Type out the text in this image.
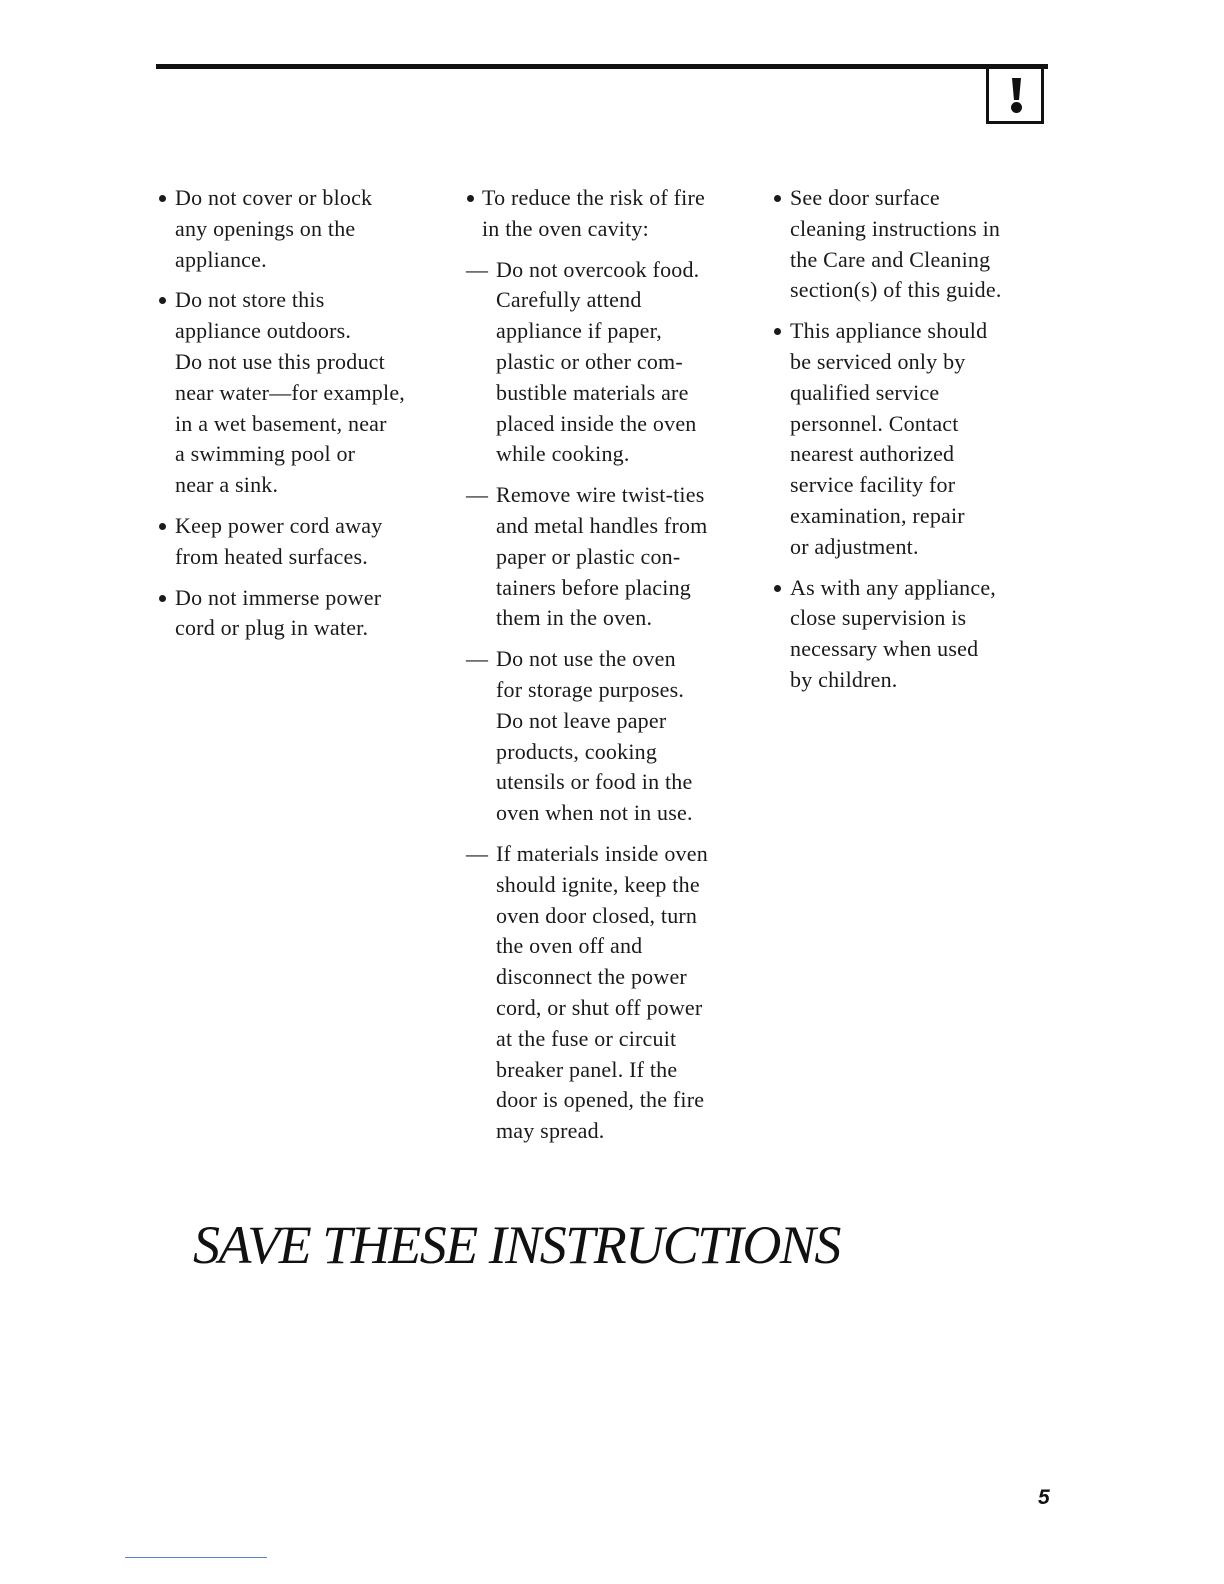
Do not cover or block
any openings on the
appliance.
Do not store this
appliance outdoors.
Do not use this product
near water—for example,
in a wet basement, near
a swimming pool or
near a sink.
Keep power cord away
from heated surfaces.
Do not immerse power
cord or plug in water.
To reduce the risk of fire
in the oven cavity:
— Do not overcook food.
Carefully attend
appliance if paper,
plastic or other com-
bustible materials are
placed inside the oven
while cooking.
— Remove wire twist-ties
and metal handles from
paper or plastic con-
tainers before placing
them in the oven.
— Do not use the oven
for storage purposes.
Do not leave paper
products, cooking
utensils or food in the
oven when not in use.
— If materials inside oven
should ignite, keep the
oven door closed, turn
the oven off and
disconnect the power
cord, or shut off power
at the fuse or circuit
breaker panel. If the
door is opened, the fire
may spread.
See door surface
cleaning instructions in
the Care and Cleaning
section(s) of this guide.
This appliance should
be serviced only by
qualified service
personnel. Contact
nearest authorized
service facility for
examination, repair
or adjustment.
As with any appliance,
close supervision is
necessary when used
by children.
SAVE THESE INSTRUCTIONS
5
